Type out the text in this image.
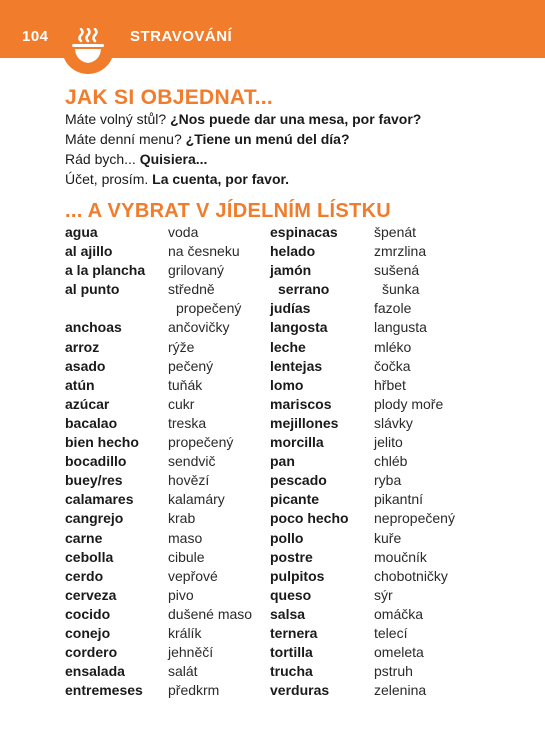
104	STRAVOVÁNÍ
JAK SI OBJEDNAT...
Máte volný stůl? ¿Nos puede dar una mesa, por favor?
Máte denní menu? ¿Tiene un menú del día?
Rád bych... Quisiera...
Účet, prosím. La cuenta, por favor.
... A VYBRAT V JÍDELNÍM LÍSTKU
agua
al ajillo
a la plancha
al punto
anchoas
arroz
asado
atún
azúcar
bacalao
bien hecho
bocadillo
buey/res
calamares
cangrejo
carne
cebolla
cerdo
cerveza
cocido
conejo
cordero
ensalada
entremeses
voda
na česneku
grilovaný
středně
propečený
ančovičky
rýže
pečený
tuňák
cukr
treska
propečený
sendvič
hovězí
kalamáry
krab
maso
cibule
vepřové
pivo
dušené maso
králík
jehněčí
salát
předkrm
espinacas
helado
jamón
serrano
judías
langosta
leche
lentejas
lomo
mariscos
mejillones
morcilla
pan
pescado
picante
poco hecho
pollo
postre
pulpitos
queso
salsa
ternera
tortilla
trucha
verduras
špenát
zmrzlina
sušená
šunka
fazole
langusta
mléko
čočka
hřbet
plody moře
slávky
jelito
chléb
ryba
pikantní
nepropečený
kuře
moučník
chobotničky
sýr
omáčka
telecí
omeleta
pstruh
zelenina
